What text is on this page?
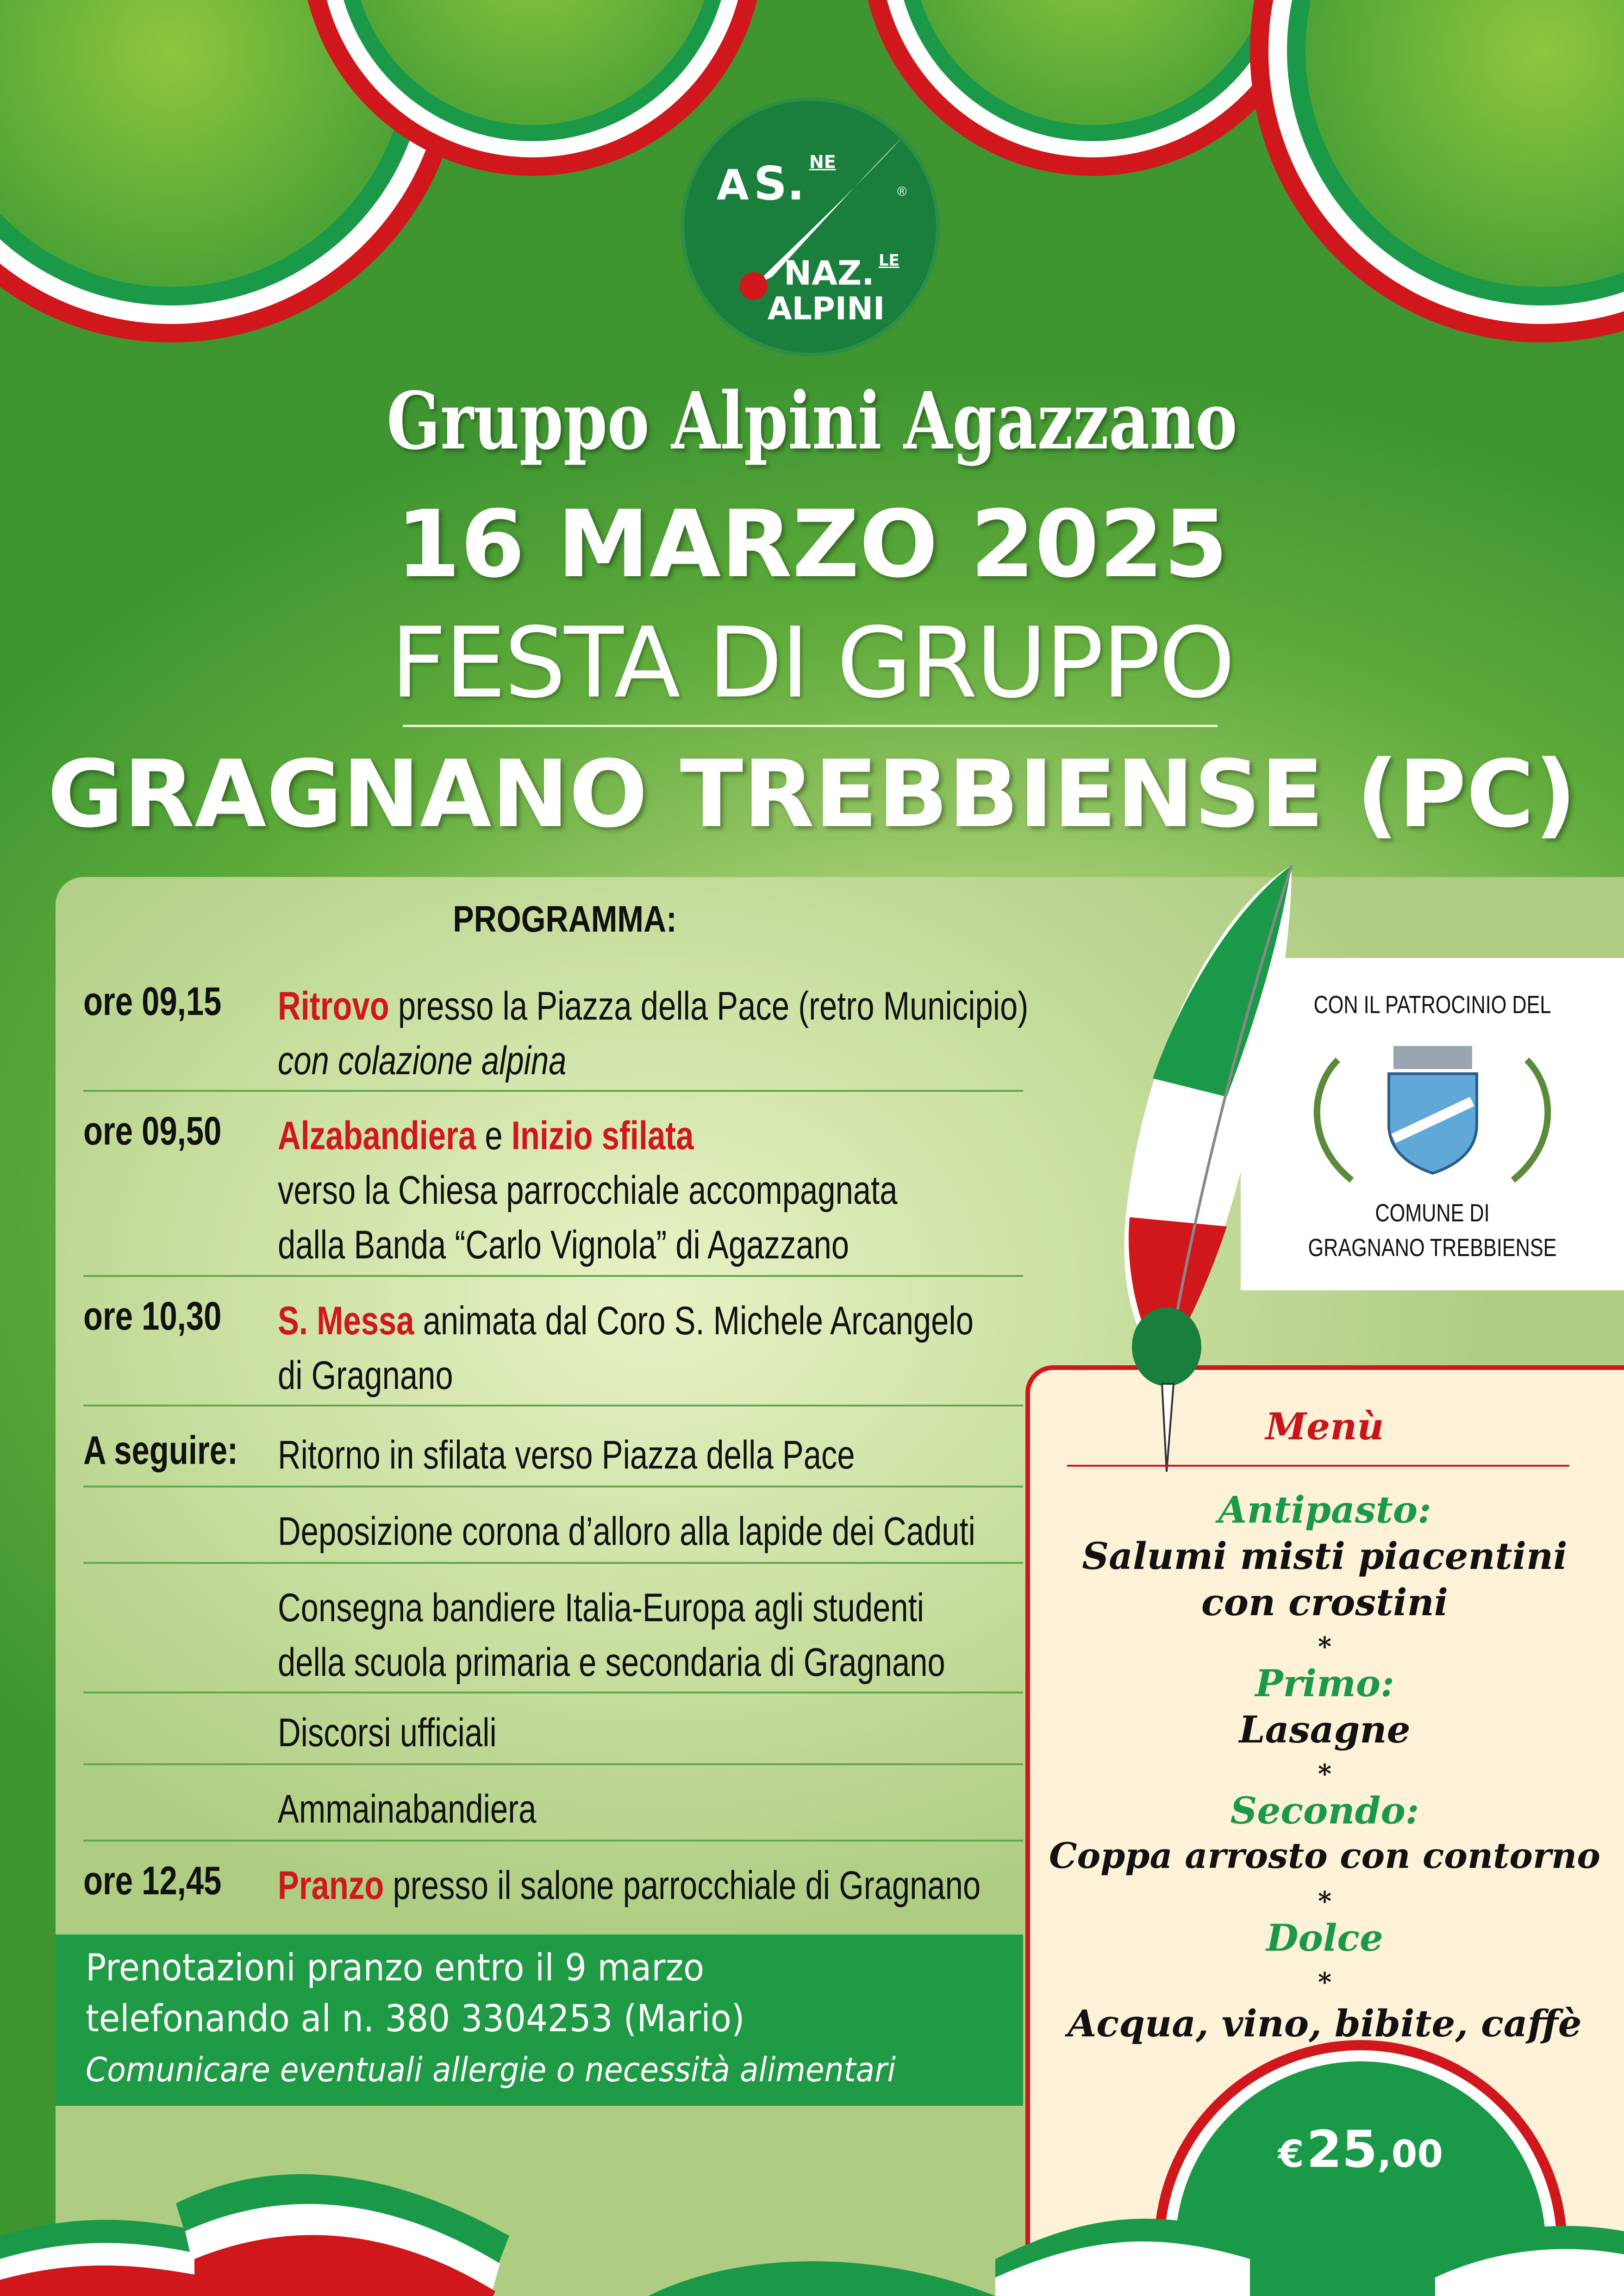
A S. NE
NAZ. LE
ALPINI
®
Gruppo Alpini Agazzano
16 MARZO 2025
FESTA DI GRUPPO
GRAGNANO TREBBIENSE (PC)
PROGRAMMA:
ore 09,15 Ritrovo presso la Piazza della Pace (retro Municipio)
con colazione alpina
ore 09,50 Alzabandiera e Inizio sfilata
verso la Chiesa parrocchiale accompagnata
dalla Banda “Carlo Vignola” di Agazzano
ore 10,30 S. Messa animata dal Coro S. Michele Arcangelo
di Gragnano
A seguire: Ritorno in sfilata verso Piazza della Pace
Deposizione corona d’alloro alla lapide dei Caduti
Consegna bandiere Italia-Europa agli studenti
della scuola primaria e secondaria di Gragnano
Discorsi ufficiali
Ammainabandiera
ore 12,45 Pranzo presso il salone parrocchiale di Gragnano
Prenotazioni pranzo entro il 9 marzo
telefonando al n. 380 3304253 (Mario)
Comunicare eventuali allergie o necessità alimentari
CON IL PATROCINIO DEL
COMUNE DI
GRAGNANO TREBBIENSE
Menù
Antipasto:
Salumi misti piacentini
con crostini
*
Primo:
Lasagne
*
Secondo:
Coppa arrosto con contorno
*
Dolce
*
Acqua, vino, bibite, caffè
€ 25,00
